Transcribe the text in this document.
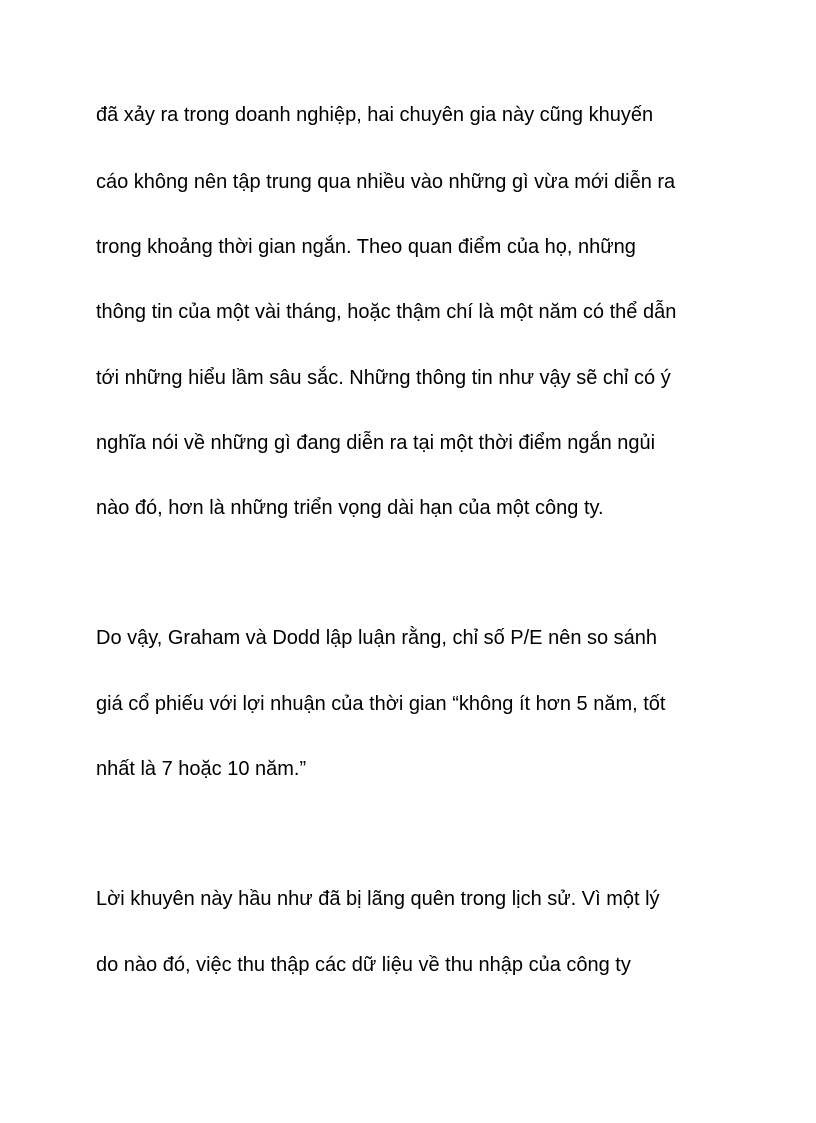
đã xảy ra trong doanh nghiệp, hai chuyên gia này cũng khuyến
cáo không nên tập trung qua nhiều vào những gì vừa mới diễn ra
trong khoảng thời gian ngắn. Theo quan điểm của họ, những
thông tin của một vài tháng, hoặc thậm chí là một năm có thể dẫn
tới những hiểu lầm sâu sắc. Những thông tin như vậy sẽ chỉ có ý
nghĩa nói về những gì đang diễn ra tại một thời điểm ngắn ngủi
nào đó, hơn là những triển vọng dài hạn của một công ty.
Do vậy, Graham và Dodd lập luận rằng, chỉ số P/E nên so sánh
giá cổ phiếu với lợi nhuận của thời gian “không ít hơn 5 năm, tốt
nhất là 7 hoặc 10 năm.”
Lời khuyên này hầu như đã bị lãng quên trong lịch sử. Vì một lý
do nào đó, việc thu thập các dữ liệu về thu nhập của công ty
